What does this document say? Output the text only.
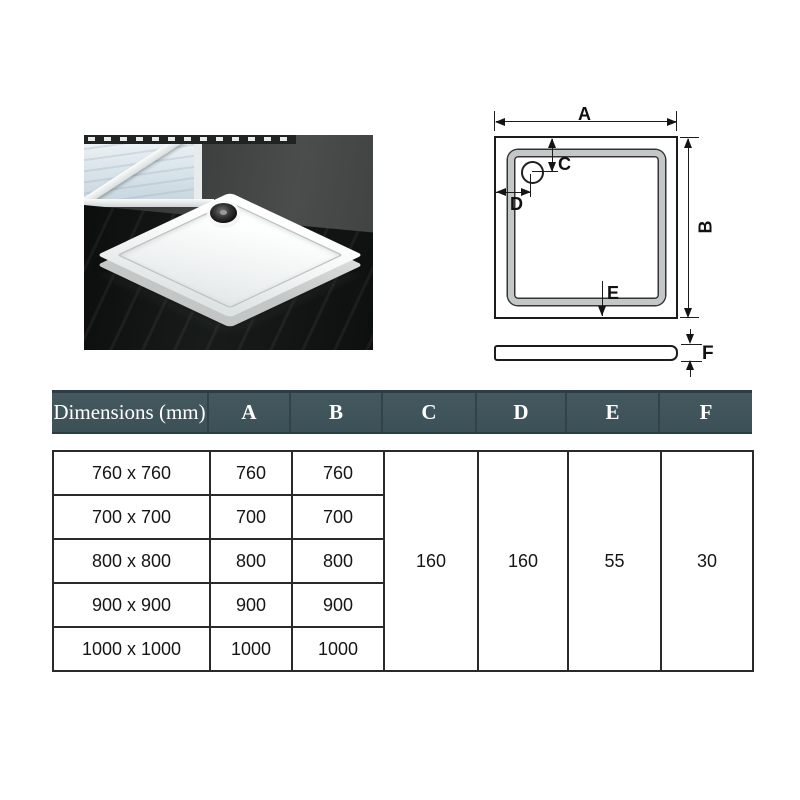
A
C
D
E
B
F
Dimensions (mm)	A	B	C	D	E	F
760 x 760	760	760	160	160	55	30
700 x 700	700	700				
800 x 800	800	800				
900 x 900	900	900				
1000 x 1000	1000	1000				
